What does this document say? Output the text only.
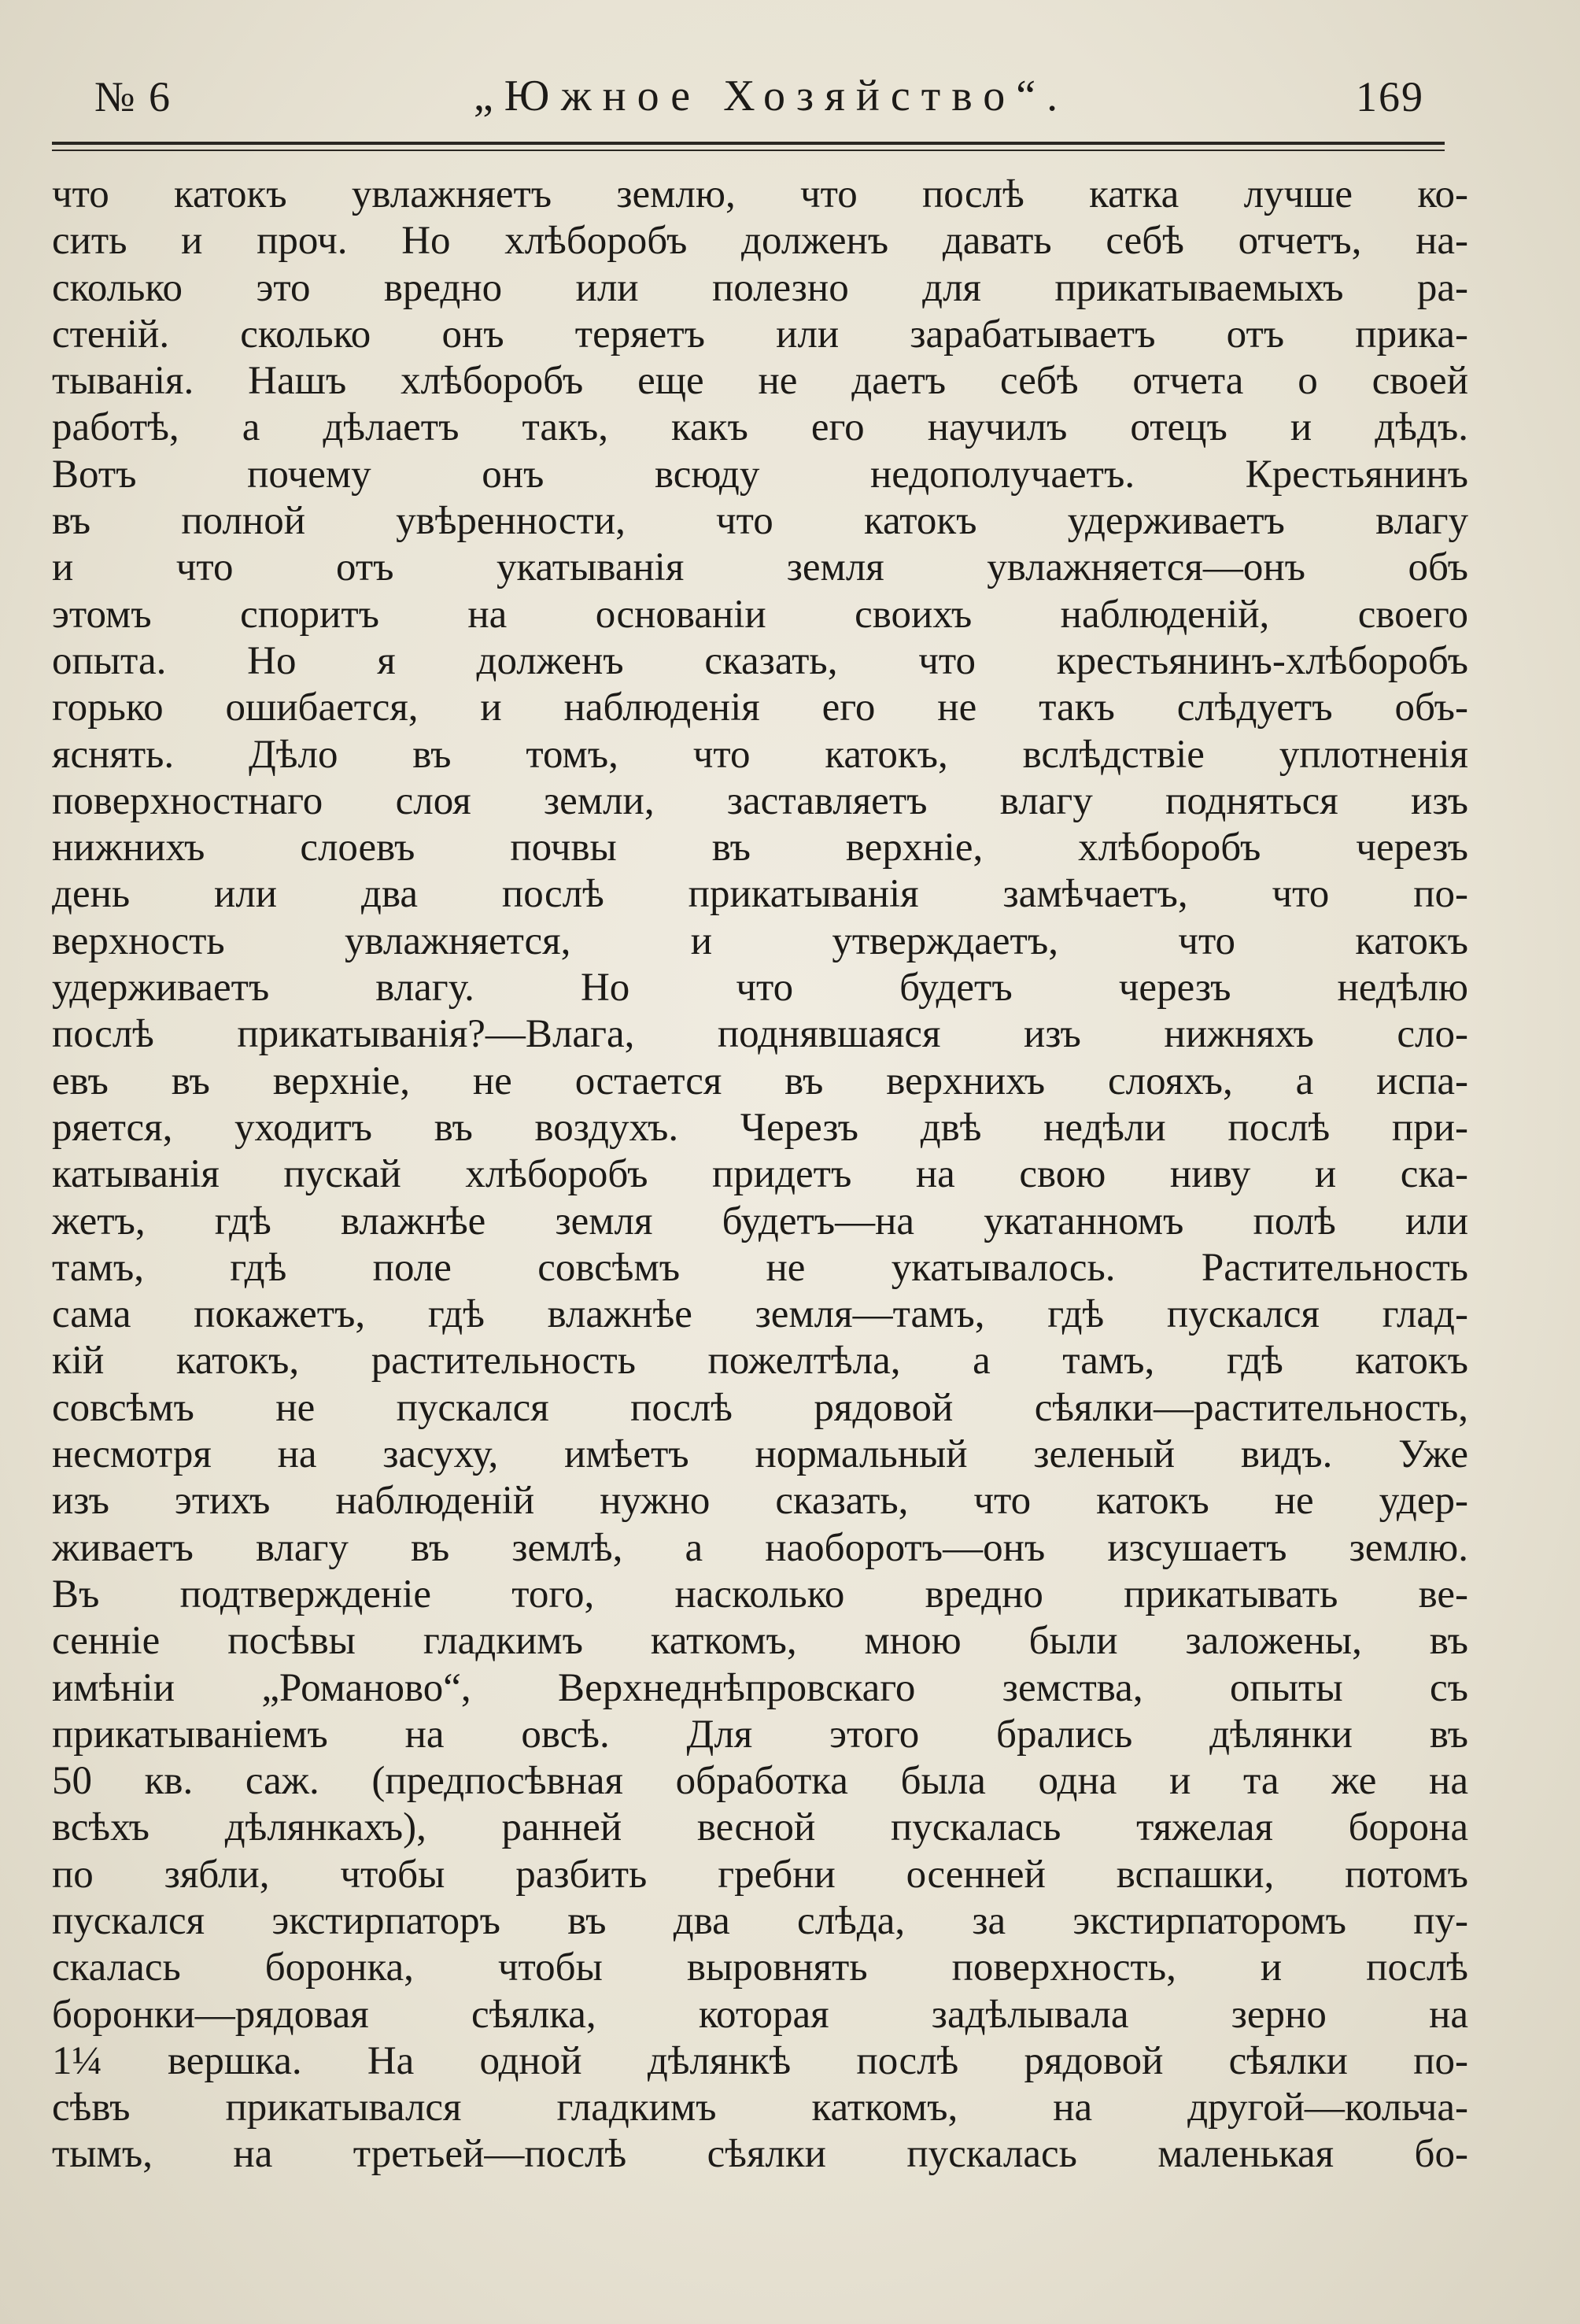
№ 6	„Южное Хозяйство“.	169
что катокъ увлажняетъ землю, что послѣ катка лучше ко-
сить и проч. Но хлѣборобъ долженъ давать себѣ отчетъ, на-
сколько это вредно или полезно для прикатываемыхъ ра-
стеній. сколько онъ теряетъ или зарабатываетъ отъ прика-
тыванія. Нашъ хлѣборобъ еще не даетъ себѣ отчета о своей
работѣ, а дѣлаетъ такъ, какъ его научилъ отецъ и дѣдъ.
Вотъ почему онъ всюду недополучаетъ. Крестьянинъ
въ полной увѣренности, что катокъ удерживаетъ влагу
и что отъ укатыванія земля увлажняется—онъ объ
этомъ споритъ на основаніи своихъ наблюденій, своего
опыта. Но я долженъ сказать, что крестьянинъ-хлѣборобъ
горько ошибается, и наблюденія его не такъ слѣдуетъ объ-
яснять. Дѣло въ томъ, что катокъ, вслѣдствіе уплотненія
поверхностнаго слоя земли, заставляетъ влагу подняться изъ
нижнихъ слоевъ почвы въ верхніе, хлѣборобъ черезъ
день или два послѣ прикатыванія замѣчаетъ, что по-
верхность увлажняется, и утверждаетъ, что катокъ
удерживаетъ влагу. Но что будетъ черезъ недѣлю
послѣ прикатыванія?—Влага, поднявшаяся изъ нижняхъ сло-
евъ въ верхніе, не остается въ верхнихъ слояхъ, а испа-
ряется, уходитъ въ воздухъ. Черезъ двѣ недѣли послѣ при-
катыванія пускай хлѣборобъ придетъ на свою ниву и ска-
жетъ, гдѣ влажнѣе земля будетъ—на укатанномъ полѣ или
тамъ, гдѣ поле совсѣмъ не укатывалось. Растительность
сама покажетъ, гдѣ влажнѣе земля—тамъ, гдѣ пускался глад-
кій катокъ, растительность пожелтѣла, а тамъ, гдѣ катокъ
совсѣмъ не пускался послѣ рядовой сѣялки—растительность,
несмотря на засуху, имѣетъ нормальный зеленый видъ. Уже
изъ этихъ наблюденій нужно сказать, что катокъ не удер-
живаетъ влагу въ землѣ, а наоборотъ—онъ изсушаетъ землю.
Въ подтвержденіе того, насколько вредно прикатывать ве-
сенніе посѣвы гладкимъ каткомъ, мною были заложены, въ
имѣніи „Романово“, Верхнеднѣпровскаго земства, опыты съ
прикатываніемъ на овсѣ. Для этого брались дѣлянки въ
50 кв. саж. (предпосѣвная обработка была одна и та же на
всѣхъ дѣлянкахъ), ранней весной пускалась тяжелая борона
по зябли, чтобы разбить гребни осенней вспашки, потомъ
пускался экстирпаторъ въ два слѣда, за экстирпаторомъ пу-
скалась боронка, чтобы выровнять поверхность, и послѣ
боронки—рядовая сѣялка, которая задѣлывала зерно на
1¼ вершка. На одной дѣлянкѣ послѣ рядовой сѣялки по-
сѣвъ прикатывался гладкимъ каткомъ, на другой—кольча-
тымъ, на третьей—послѣ сѣялки пускалась маленькая бо-
